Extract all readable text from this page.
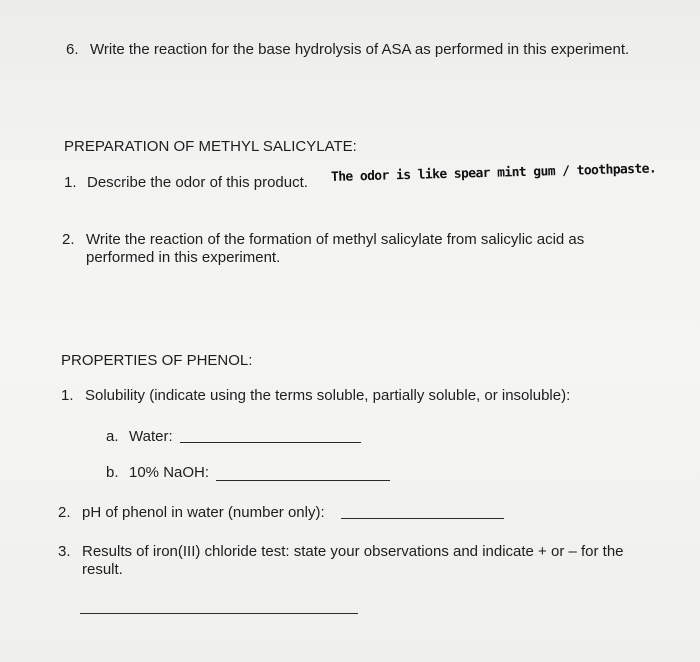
6. Write the reaction for the base hydrolysis of ASA as performed in this experiment.
PREPARATION OF METHYL SALICYLATE:
1. Describe the odor of this product. The odor is like spear mint gum / toothpaste.
2. Write the reaction of the formation of methyl salicylate from salicylic acid as
performed in this experiment.
PROPERTIES OF PHENOL:
1. Solubility (indicate using the terms soluble, partially soluble, or insoluble):
a. Water:
b. 10% NaOH:
2. pH of phenol in water (number only):
3. Results of iron(III) chloride test: state your observations and indicate + or – for the
result.
